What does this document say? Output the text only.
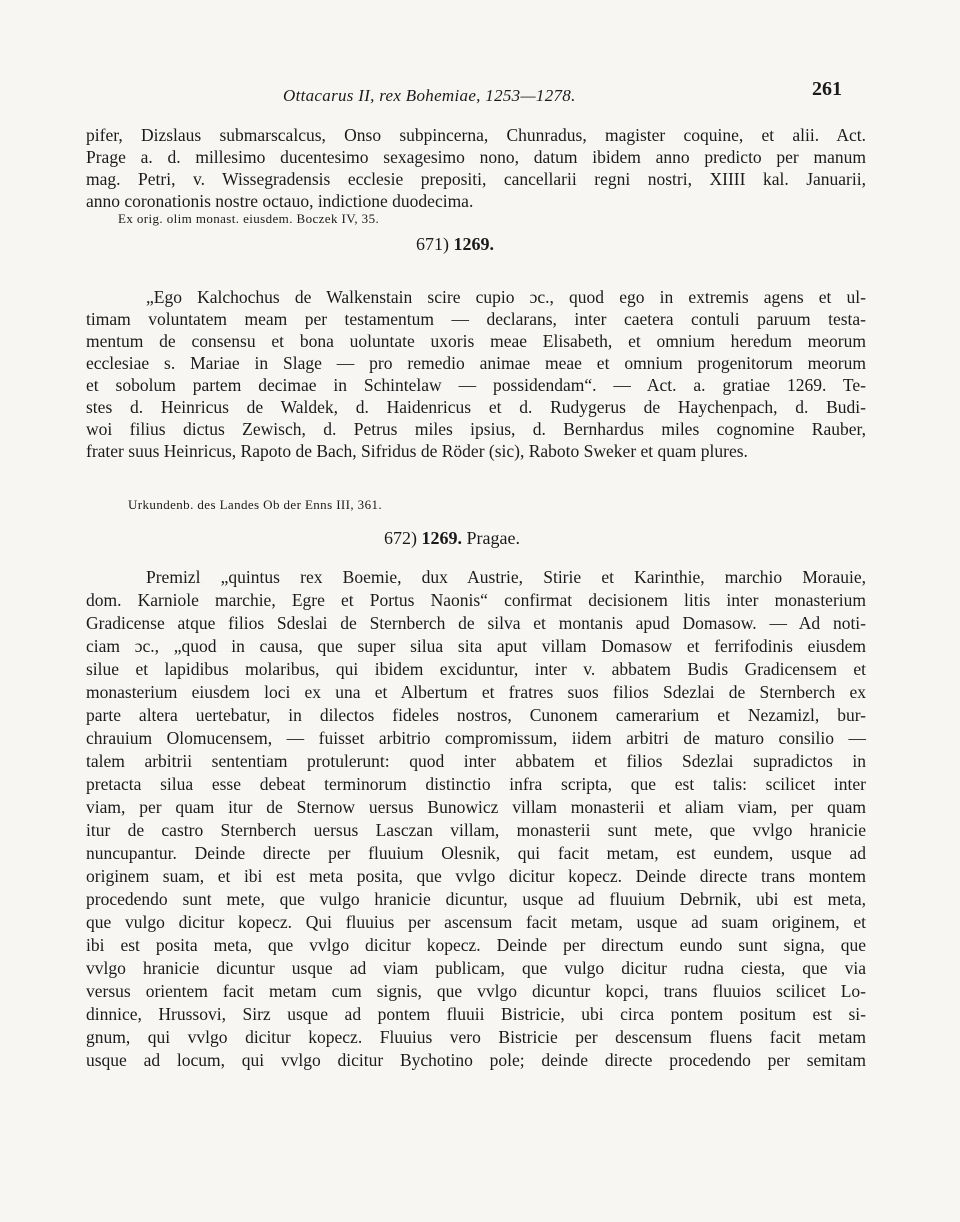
Ottacarus II, rex Bohemiae, 1253—1278.	261
pifer, Dizslaus submarscalcus, Onso subpincerna, Chunradus, magister coquine, et alii. Act.
Prage a. d. millesimo ducentesimo sexagesimo nono, datum ibidem anno predicto per manum
mag. Petri, v. Wissegradensis ecclesie prepositi, cancellarii regni nostri, XIIII kal. Januarii,
anno coronationis nostre octauo, indictione duodecima.
Ex orig. olim monast. eiusdem. Boczek IV, 35.
671) 1269.
„Ego Kalchochus de Walkenstain scire cupio ɔc., quod ego in extremis agens et ul-
timam voluntatem meam per testamentum — declarans, inter caetera contuli paruum testa-
mentum de consensu et bona uoluntate uxoris meae Elisabeth, et omnium heredum meorum
ecclesiae s. Mariae in Slage — pro remedio animae meae et omnium progenitorum meorum
et sobolum partem decimae in Schintelaw — possidendam“. — Act. a. gratiae 1269. Te-
stes d. Heinricus de Waldek, d. Haidenricus et d. Rudygerus de Haychenpach, d. Budi-
woi filius dictus Zewisch, d. Petrus miles ipsius, d. Bernhardus miles cognomine Rauber,
frater suus Heinricus, Rapoto de Bach, Sifridus de Röder (sic), Raboto Sweker et quam plures.
Urkundenb. des Landes Ob der Enns III, 361.
672) 1269. Pragae.
Premizl „quintus rex Boemie, dux Austrie, Stirie et Karinthie, marchio Morauie,
dom. Karniole marchie, Egre et Portus Naonis“ confirmat decisionem litis inter monasterium
Gradicense atque filios Sdeslai de Sternberch de silva et montanis apud Domasow. — Ad noti-
ciam ɔc., „quod in causa, que super silua sita aput villam Domasow et ferrifodinis eiusdem
silue et lapidibus molaribus, qui ibidem exciduntur, inter v. abbatem Budis Gradicensem et
monasterium eiusdem loci ex una et Albertum et fratres suos filios Sdezlai de Sternberch ex
parte altera uertebatur, in dilectos fideles nostros, Cunonem camerarium et Nezamizl, bur-
chrauium Olomucensem, — fuisset arbitrio compromissum, iidem arbitri de maturo consilio —
talem arbitrii sententiam protulerunt: quod inter abbatem et filios Sdezlai supradictos in
pretacta silua esse debeat terminorum distinctio infra scripta, que est talis: scilicet inter
viam, per quam itur de Sternow uersus Bunowicz villam monasterii et aliam viam, per quam
itur de castro Sternberch uersus Lasczan villam, monasterii sunt mete, que vvlgo hranicie
nuncupantur. Deinde directe per fluuium Olesnik, qui facit metam, est eundem, usque ad
originem suam, et ibi est meta posita, que vvlgo dicitur kopecz. Deinde directe trans montem
procedendo sunt mete, que vulgo hranicie dicuntur, usque ad fluuium Debrnik, ubi est meta,
que vulgo dicitur kopecz. Qui fluuius per ascensum facit metam, usque ad suam originem, et
ibi est posita meta, que vvlgo dicitur kopecz. Deinde per directum eundo sunt signa, que
vvlgo hranicie dicuntur usque ad viam publicam, que vulgo dicitur rudna ciesta, que via
versus orientem facit metam cum signis, que vvlgo dicuntur kopci, trans fluuios scilicet Lo-
dinnice, Hrussovi, Sirz usque ad pontem fluuii Bistricie, ubi circa pontem positum est si-
gnum, qui vvlgo dicitur kopecz. Fluuius vero Bistricie per descensum fluens facit metam
usque ad locum, qui vvlgo dicitur Bychotino pole; deinde directe procedendo per semitam
